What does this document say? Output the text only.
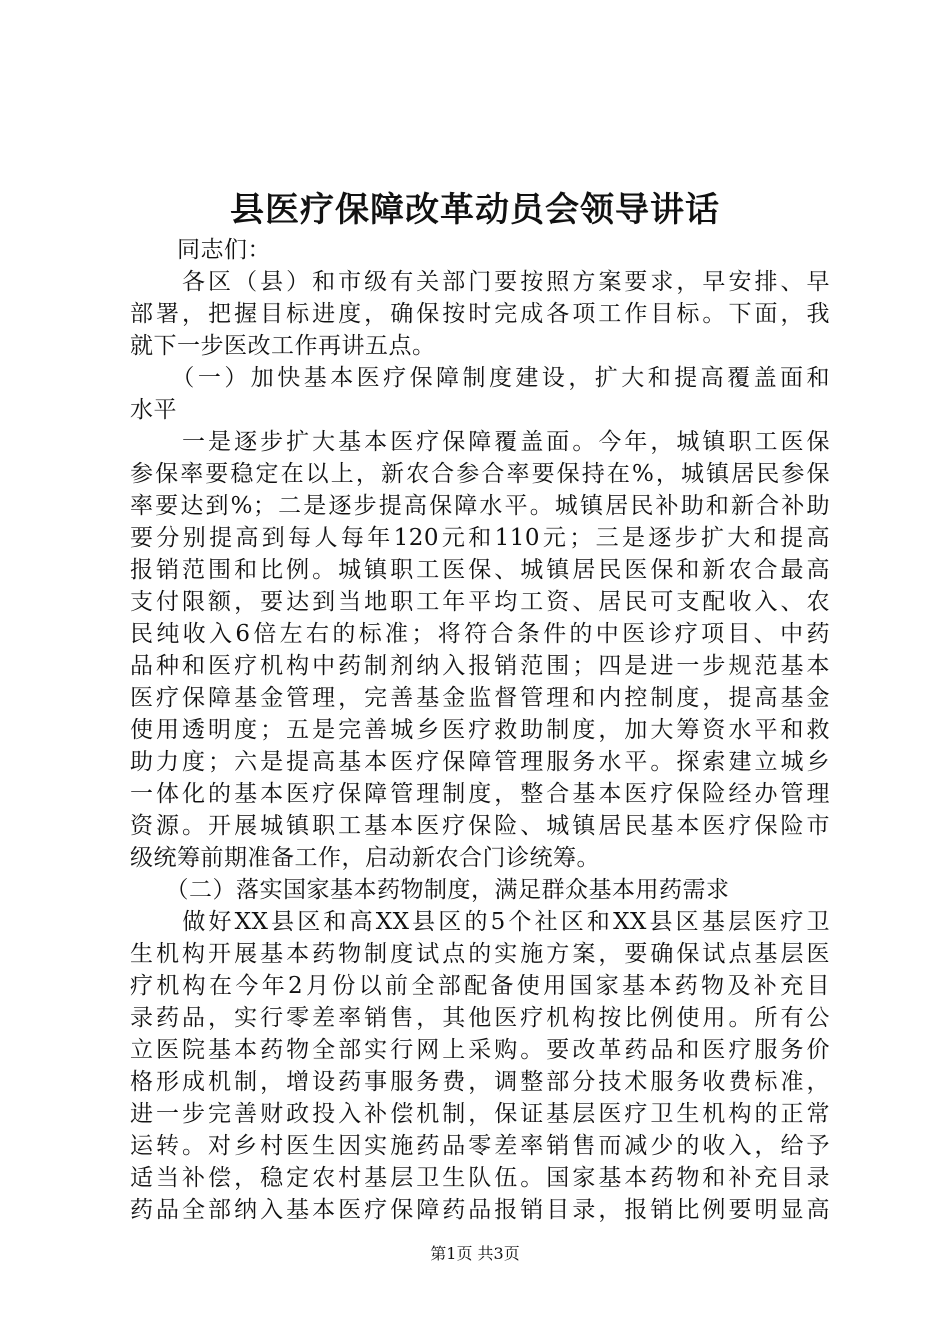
县医疗保障改革动员会领导讲话
　　同志们：
　　各区（县）和市级有关部门要按照方案要求，早安排、早
部署，把握目标进度，确保按时完成各项工作目标。下面，我
就下一步医改工作再讲五点。
　　（一）加快基本医疗保障制度建设，扩大和提高覆盖面和
水平
　　一是逐步扩大基本医疗保障覆盖面。今年，城镇职工医保
参保率要稳定在以上，新农合参合率要保持在%，城镇居民参保
率要达到%；二是逐步提高保障水平。城镇居民补助和新合补助
要分别提高到每人每年120元和110元；三是逐步扩大和提高
报销范围和比例。城镇职工医保、城镇居民医保和新农合最高
支付限额，要达到当地职工年平均工资、居民可支配收入、农
民纯收入6倍左右的标准；将符合条件的中医诊疗项目、中药
品种和医疗机构中药制剂纳入报销范围；四是进一步规范基本
医疗保障基金管理，完善基金监督管理和内控制度，提高基金
使用透明度；五是完善城乡医疗救助制度，加大筹资水平和救
助力度；六是提高基本医疗保障管理服务水平。探索建立城乡
一体化的基本医疗保障管理制度，整合基本医疗保险经办管理
资源。开展城镇职工基本医疗保险、城镇居民基本医疗保险市
级统筹前期准备工作，启动新农合门诊统筹。
　　（二）落实国家基本药物制度，满足群众基本用药需求
　　做好XX县区和高XX县区的5个社区和XX县区基层医疗卫
生机构开展基本药物制度试点的实施方案，要确保试点基层医
疗机构在今年2月份以前全部配备使用国家基本药物及补充目
录药品，实行零差率销售，其他医疗机构按比例使用。所有公
立医院基本药物全部实行网上采购。要改革药品和医疗服务价
格形成机制，增设药事服务费，调整部分技术服务收费标准，
进一步完善财政投入补偿机制，保证基层医疗卫生机构的正常
运转。对乡村医生因实施药品零差率销售而减少的收入，给予
适当补偿，稳定农村基层卫生队伍。国家基本药物和补充目录
药品全部纳入基本医疗保障药品报销目录，报销比例要明显高
第1页 共3页
